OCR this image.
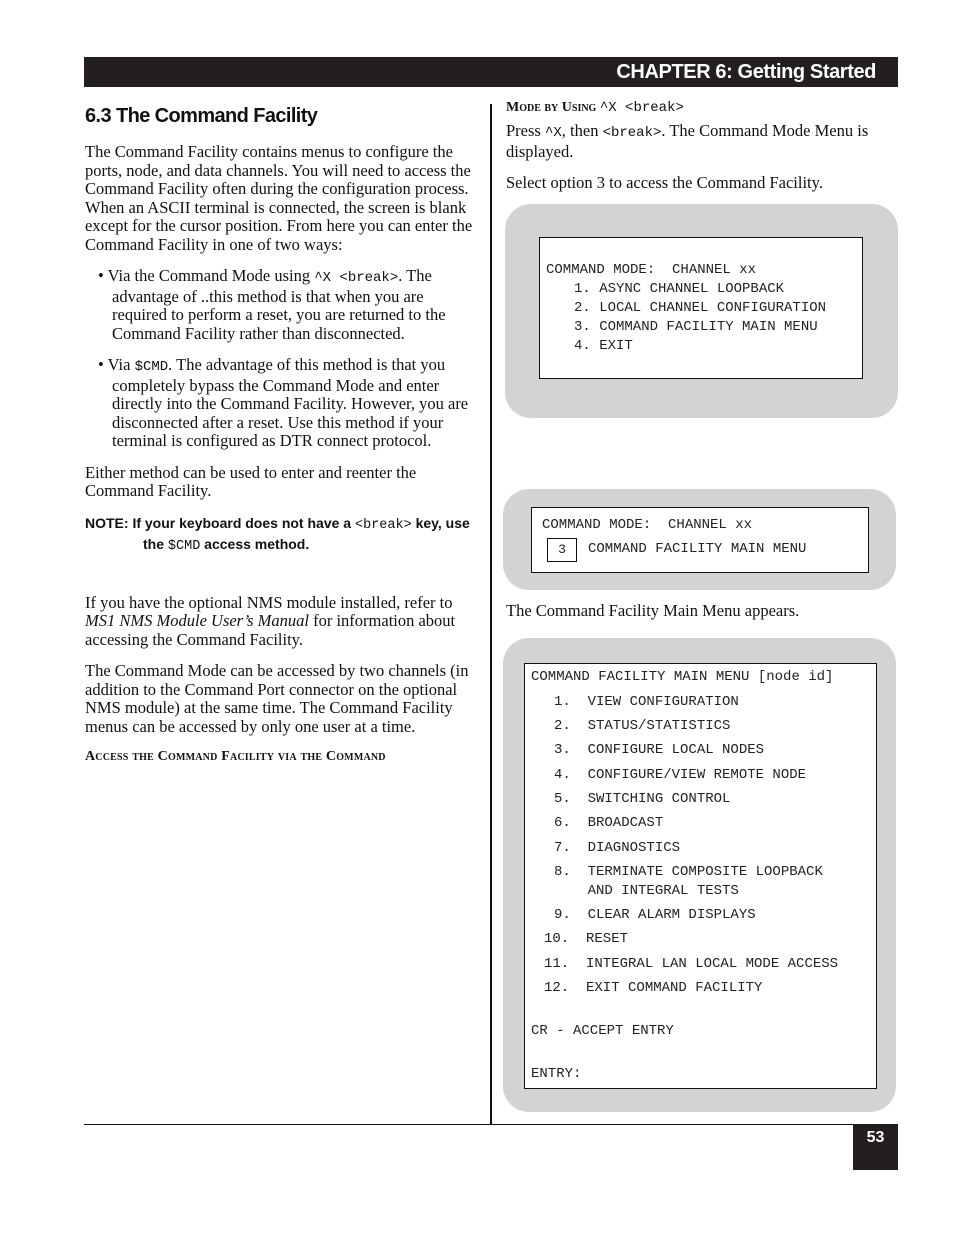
CHAPTER 6: Getting Started
53
6.3 The Command Facility

The Command Facility contains menus to configure the ports, node, and data channels. You will need to access the Command Facility often during the configuration process. When an ASCII terminal is connected, the screen is blank except for the cursor position. From here you can enter the Command Facility in one of two ways:

• Via the Command Mode using ^X <break>. The advantage of ..this method is that when you are required to perform a reset, you are returned to the Command Facility rather than disconnected.
• Via $CMD. The advantage of this method is that you completely bypass the Command Mode and enter directly into the Command Facility. However, you are disconnected after a reset. Use this method if your terminal is configured as DTR connect protocol.

Either method can be used to enter and reenter the Command Facility.

NOTE: If your keyboard does not have a <break> key, use the $CMD access method.

If you have the optional NMS module installed, refer to MS1 NMS Module User’s Manual for information about accessing the Command Facility.

The Command Mode can be accessed by two channels (in addition to the Command Port connector on the optional NMS module) at the same time. The Command Facility menus can be accessed by only one user at a time.

Access the Command Facility via the Command

Mode by Using ^X <break>

Press ^X, then <break>. The Command Mode Menu is displayed.

Select option 3 to access the Command Facility.

COMMAND MODE:  CHANNEL xx
1. ASYNC CHANNEL LOOPBACK
2. LOCAL CHANNEL CONFIGURATION
3. COMMAND FACILITY MAIN MENU
4. EXIT
COMMAND MODE:  CHANNEL xx
3	COMMAND FACILITY MAIN MENU

The Command Facility Main Menu appears.

COMMAND FACILITY MAIN MENU [node id]
1.  VIEW CONFIGURATION
2.  STATUS/STATISTICS
3.  CONFIGURE LOCAL NODES
4.  CONFIGURE/VIEW REMOTE NODE
5.  SWITCHING CONTROL
6.  BROADCAST
7.  DIAGNOSTICS
8.  TERMINATE COMPOSITE LOOPBACK
AND INTEGRAL TESTS
9.  CLEAR ALARM DISPLAYS
10.  RESET
11.  INTEGRAL LAN LOCAL MODE ACCESS
12.  EXIT COMMAND FACILITY
CR - ACCEPT ENTRY
ENTRY:
